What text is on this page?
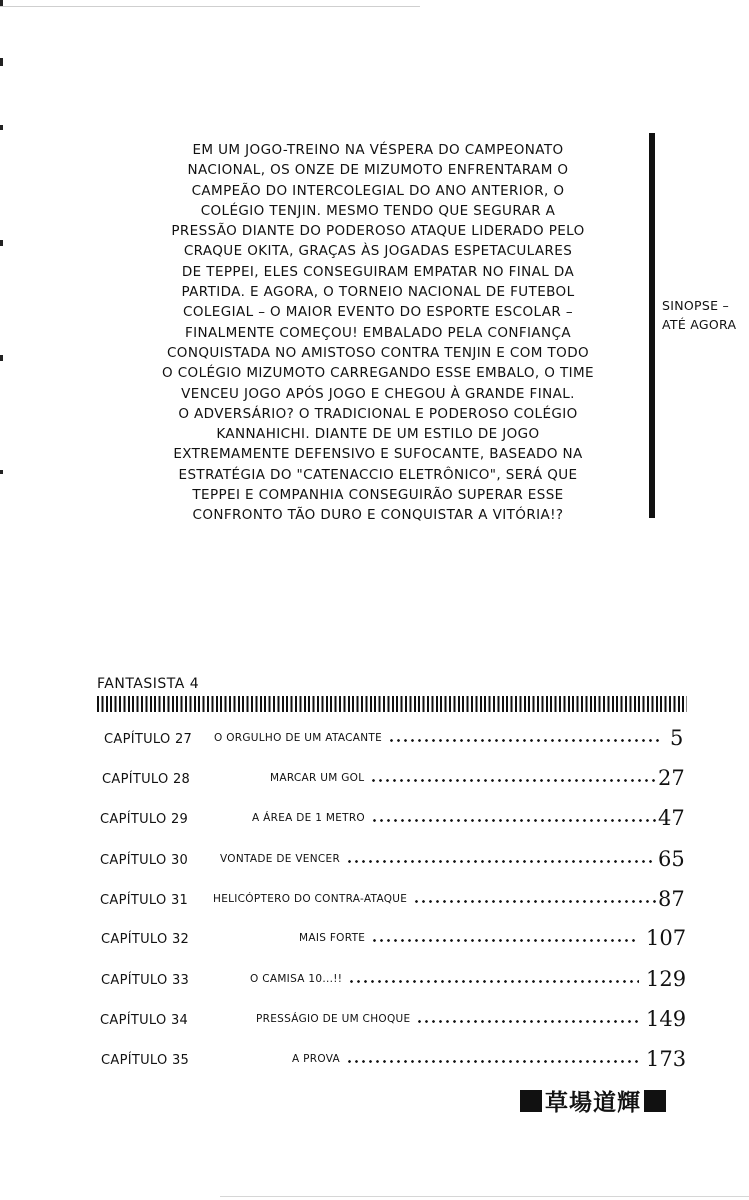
EM UM JOGO-TREINO NA VÉSPERA DO CAMPEONATO
NACIONAL, OS ONZE DE MIZUMOTO ENFRENTARAM O
CAMPEÃO DO INTERCOLEGIAL DO ANO ANTERIOR, O
COLÉGIO TENJIN. MESMO TENDO QUE SEGURAR A
PRESSÃO DIANTE DO PODEROSO ATAQUE LIDERADO PELO
CRAQUE OKITA, GRAÇAS ÀS JOGADAS ESPETACULARES
DE TEPPEI, ELES CONSEGUIRAM EMPATAR NO FINAL DA
PARTIDA. E AGORA, O TORNEIO NACIONAL DE FUTEBOL
COLEGIAL – O MAIOR EVENTO DO ESPORTE ESCOLAR –
FINALMENTE COMEÇOU! EMBALADO PELA CONFIANÇA
CONQUISTADA NO AMISTOSO CONTRA TENJIN E COM TODO
O COLÉGIO MIZUMOTO CARREGANDO ESSE EMBALO, O TIME
VENCEU JOGO APÓS JOGO E CHEGOU À GRANDE FINAL.
O ADVERSÁRIO? O TRADICIONAL E PODEROSO COLÉGIO
KANNAHICHI. DIANTE DE UM ESTILO DE JOGO
EXTREMAMENTE DEFENSIVO E SUFOCANTE, BASEADO NA
ESTRATÉGIA DO "CATENACCIO ELETRÔNICO", SERÁ QUE
TEPPEI E COMPANHIA CONSEGUIRÃO SUPERAR ESSE
CONFRONTO TÃO DURO E CONQUISTAR A VITÓRIA!?
SINOPSE –
ATÉ AGORA
FANTASISTA 4
CAPÍTULO 27 O ORGULHO DE UM ATACANTE	5
CAPÍTULO 28	MARCAR UM GOL	27
CAPÍTULO 29	A ÁREA DE 1 METRO	47
CAPÍTULO 30	VONTADE DE VENCER	65
CAPÍTULO 31 HELICÓPTERO DO CONTRA-ATAQUE	87
CAPÍTULO 32	MAIS FORTE	107
CAPÍTULO 33	O CAMISA 10...!!	129
CAPÍTULO 34	PRESSÁGIO DE UM CHOQUE	149
CAPÍTULO 35	A PROVA	173
草場道輝
